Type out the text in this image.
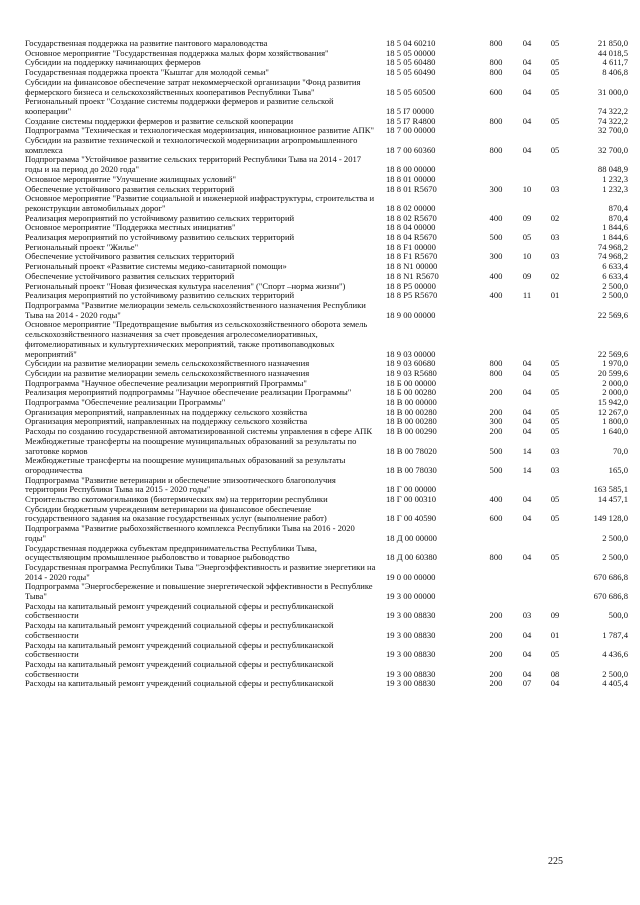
Государственная поддержка на развитие пантового мараловодства	18 5 04 60210	800	04	05	21 850,0
Основное мероприятие "Государственная поддержка малых форм хозяйствования"	18 5 05 00000	44 018,5
Субсидии на поддержку начинающих фермеров	18 5 05 60480	800	04	05	4 611,7
Государственная поддержка проекта "Кыштаг для молодой семьи"	18 5 05 60490	800	04	05	8 406,8
Субсидии на финансовое обеспечение затрат некоммерческой организации "Фонд развития фермерского бизнеса и сельскохозяйственных кооперативов Республики Тыва"	18 5 05 60500	600	04	05	31 000,0
Региональный проект "Создание системы поддержки фермеров и развитие сельской кооперации"	18 5 I7 00000	74 322,2
Создание системы поддержки фермеров и развитие сельской кооперации	18 5 I7 R4800	800	04	05	74 322,2
Подпрограмма "Техническая и технологическая модернизация, инновационное развитие АПК"	18 7 00 00000	32 700,0
Субсидии на развитие технической и технологической модернизации агропромышленного комплекса	18 7 00 60360	800	04	05	32 700,0
Подпрограмма "Устойчивое развитие сельских территорий Республики Тыва на 2014 - 2017 годы и на период до 2020 года"	18 8 00 00000	88 048,9
Основное мероприятие "Улучшение жилищных условий"	18 8 01 00000	1 232,3
Обеспечение устойчивого развития сельских территорий	18 8 01 R5670	300	10	03	1 232,3
Основное мероприятие "Развитие социальной и инженерной инфраструктуры, строительства и реконструкции автомобильных дорог"	18 8 02 00000	870,4
Реализация мероприятий по устойчивому развитию сельских территорий	18 8 02 R5670	400	09	02	870,4
Основное мероприятие "Поддержка местных инициатив"	18 8 04 00000	1 844,6
Реализация мероприятий по устойчивому развитию сельских территорий	18 8 04 R5670	500	05	03	1 844,6
Региональный проект "Жилье"	18 8 F1 00000	74 968,2
Обеспечение устойчивого развития сельских территорий	18 8 F1 R5670	300	10	03	74 968,2
Региональный проект «Развитие системы медико-санитарной помощи»	18 8 N1 00000	6 633,4
Обеспечение устойчивого развития сельских территорий	18 8 N1 R5670	400	09	02	6 633,4
Региональный проект "Новая физическая культура населения" ("Спорт –норма жизни")	18 8 P5 00000	2 500,0
Реализация мероприятий по устойчивому развитию сельских территорий	18 8 P5 R5670	400	11	01	2 500,0
Подпрограмма "Развитие мелиорации земель сельскохозяйственного назначения Республики Тыва на 2014 - 2020 годы"	18 9 00 00000	22 569,6
Основное мероприятие "Предотвращение выбытия из сельскохозяйственного оборота земель сельскохозяйственного назначения за счет проведения агролесомелиоративных, фитомелиоративных и культуртехнических мероприятий, также противопаводковых мероприятий"	18 9 03 00000	22 569,6
Субсидии на развитие мелиорации земель сельскохозяйственного назначения	18 9 03 60680	800	04	05	1 970,0
Субсидии на развитие мелиорации земель сельскохозяйственного назначения	18 9 03 R5680	800	04	05	20 599,6
Подпрограмма "Научное обеспечение реализации мероприятий Программы"	18 Б 00 00000	2 000,0
Реализация мероприятий подпрограммы "Научное обеспечение реализации Программы"	18 Б 00 00280	200	04	05	2 000,0
Подпрограмма "Обеспечение реализации Программы"	18 В 00 00000	15 942,0
Организация мероприятий, направленных на поддержку сельского хозяйства	18 В 00 00280	200	04	05	12 267,0
Организация мероприятий, направленных на поддержку сельского хозяйства	18 В 00 00280	300	04	05	1 800,0
Расходы по созданию государственной автоматизированной системы управления в сфере АПК	18 В 00 00290	200	04	05	1 640,0
Межбюджетные трансферты на поощрение муниципальных образований за результаты по заготовке кормов	18 В 00 78020	500	14	03	70,0
Межбюджетные трансферты на поощрение муниципальных образований за результаты огородничества	18 В 00 78030	500	14	03	165,0
Подпрограмма "Развитие ветеринарии и обеспечение эпизоотического благополучия территории Республики Тыва на 2015 - 2020 годы"	18 Г 00 00000	163 585,1
Строительство скотомогильников (биотермических ям) на территории республики	18 Г 00 00310	400	04	05	14 457,1
Субсидии бюджетным учреждениям ветеринарии на финансовое обеспечение государственного задания на оказание государственных услуг (выполнение работ)	18 Г 00 40590	600	04	05	149 128,0
Подпрограмма "Развитие рыбохозяйственного комплекса Республики Тыва на 2016 - 2020 годы"	18 Д 00 00000	2 500,0
Государственная поддержка субъектам предпринимательства Республики Тыва, осуществляющим промышленное рыболовство и товарное рыбоводство	18 Д 00 60380	800	04	05	2 500,0
Государственная программа Республики Тыва "Энергоэффективность и развитие энергетики на 2014 - 2020 годы"	19 0 00 00000	670 686,8
Подпрограмма "Энергосбережение и повышение энергетической эффективности в Республике Тыва"	19 3 00 00000	670 686,8
Расходы на капитальный ремонт учреждений социальной сферы и республиканской собственности	19 3 00 08830	200	03	09	500,0
Расходы на капитальный ремонт учреждений социальной сферы и республиканской собственности	19 3 00 08830	200	04	01	1 787,4
Расходы на капитальный ремонт учреждений социальной сферы и республиканской собственности	19 3 00 08830	200	04	05	4 436,6
Расходы на капитальный ремонт учреждений социальной сферы и республиканской собственности	19 3 00 08830	200	04	08	2 500,0
Расходы на капитальный ремонт учреждений социальной сферы и республиканской	19 3 00 08830	200	07	04	4 405,4
225
